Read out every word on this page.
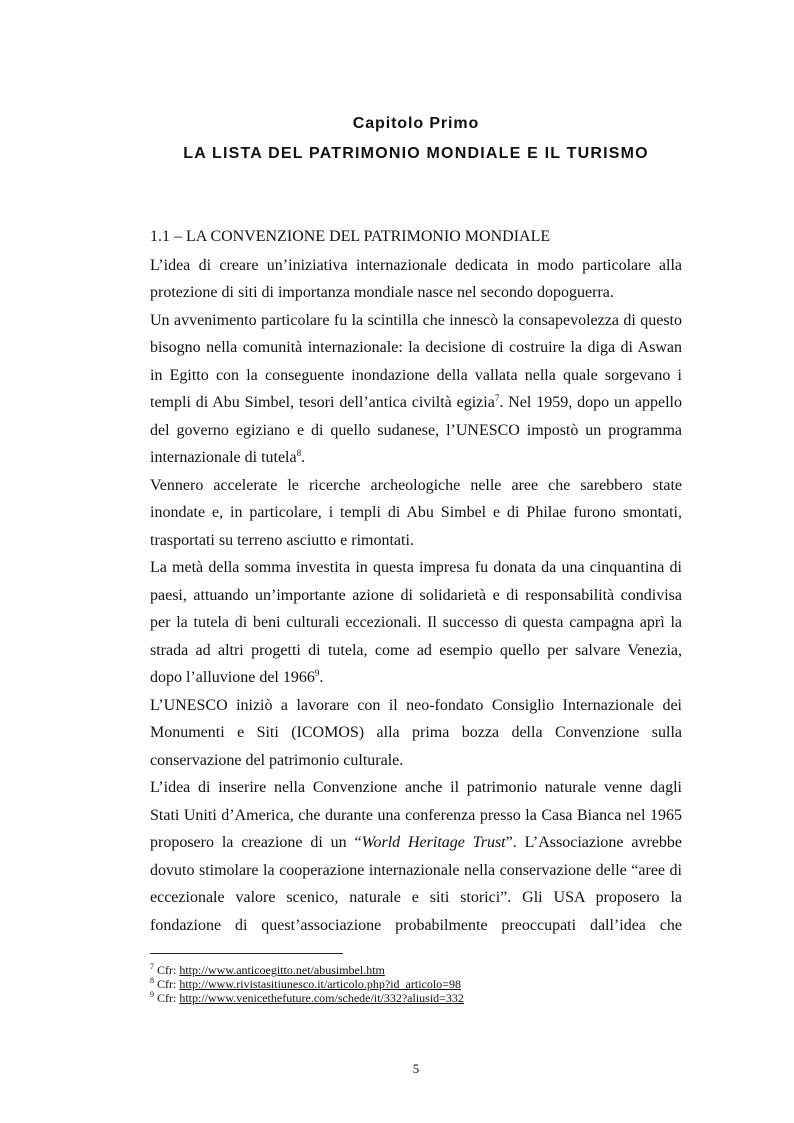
Capitolo Primo
LA LISTA DEL PATRIMONIO MONDIALE E IL TURISMO
1.1 – LA CONVENZIONE DEL PATRIMONIO MONDIALE
L’idea di creare un’iniziativa internazionale dedicata in modo particolare alla
protezione di siti di importanza mondiale nasce nel secondo dopoguerra.
Un avvenimento particolare fu la scintilla che innescò la consapevolezza di questo
bisogno nella comunità internazionale: la decisione di costruire la diga di Aswan
in Egitto con la conseguente inondazione della vallata nella quale sorgevano i
templi di Abu Simbel, tesori dell’antica civiltà egizia$^7$. Nel 1959, dopo un appello
del governo egiziano e di quello sudanese, l’UNESCO impostò un programma
internazionale di tutela$^8$.
Vennero accelerate le ricerche archeologiche nelle aree che sarebbero state
inondate e, in particolare, i templi di Abu Simbel e di Philae furono smontati,
trasportati su terreno asciutto e rimontati.
La metà della somma investita in questa impresa fu donata da una cinquantina di
paesi, attuando un’importante azione di solidarietà e di responsabilità condivisa
per la tutela di beni culturali eccezionali. Il successo di questa campagna aprì la
strada ad altri progetti di tutela, come ad esempio quello per salvare Venezia,
dopo l’alluvione del 1966$^9$.
L’UNESCO iniziò a lavorare con il neo-fondato Consiglio Internazionale dei
Monumenti e Siti (ICOMOS) alla prima bozza della Convenzione sulla
conservazione del patrimonio culturale.
L’idea di inserire nella Convenzione anche il patrimonio naturale venne dagli
Stati Uniti d’America, che durante una conferenza presso la Casa Bianca nel 1965
proposero la creazione di un “World Heritage Trust”. L’Associazione avrebbe
dovuto stimolare la cooperazione internazionale nella conservazione delle “aree di
eccezionale valore scenico, naturale e siti storici”. Gli USA proposero la
fondazione di quest’associazione probabilmente preoccupati dall’idea che
$^7$ Cfr: http://www.anticoegitto.net/abusimbel.htm
$^8$ Cfr: http://www.rivistasitiunesco.it/articolo.php?id_articolo=98
$^9$ Cfr: http://www.venicethefuture.com/schede/it/332?aliusid=332
5
